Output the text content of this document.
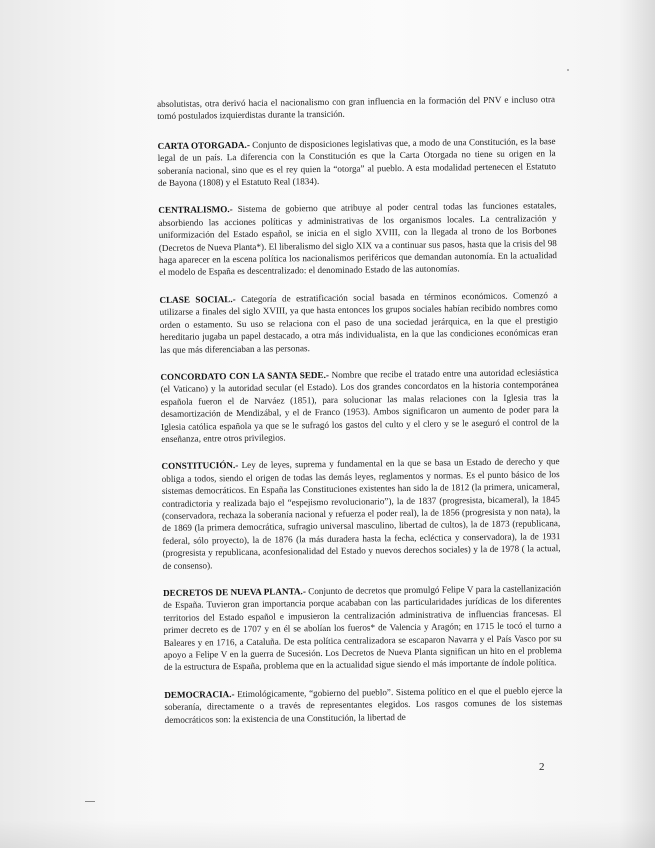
absolutistas, otra derivó hacia el nacionalismo con gran influencia en la formación del PNV e incluso otra tomó postulados izquierdistas durante la transición.

CARTA OTORGADA.- Conjunto de disposiciones legislativas que, a modo de una Constitución, es la base legal de un país. La diferencia con la Constitución es que la Carta Otorgada no tiene su origen en la soberanía nacional, sino que es el rey quien la “otorga” al pueblo. A esta modalidad pertenecen el Estatuto de Bayona (1808) y el Estatuto Real (1834).

CENTRALISMO.- Sistema de gobierno que atribuye al poder central todas las funciones estatales, absorbiendo las acciones políticas y administrativas de los organismos locales. La centralización y uniformización del Estado español, se inicia en el siglo XVIII, con la llegada al trono de los Borbones (Decretos de Nueva Planta*). El liberalismo del siglo XIX va a continuar sus pasos, hasta que la crisis del 98 haga aparecer en la escena política los nacionalismos periféricos que demandan autonomía. En la actualidad el modelo de España es descentralizado: el denominado Estado de las autonomías.

CLASE SOCIAL.- Categoría de estratificación social basada en términos económicos. Comenzó a utilizarse a finales del siglo XVIII, ya que hasta entonces los grupos sociales habían recibido nombres como orden o estamento. Su uso se relaciona con el paso de una sociedad jerárquica, en la que el prestigio hereditario jugaba un papel destacado, a otra más individualista, en la que las condiciones económicas eran las que más diferenciaban a las personas.

CONCORDATO CON LA SANTA SEDE.- Nombre que recibe el tratado entre una autoridad eclesiástica (el Vaticano) y la autoridad secular (el Estado). Los dos grandes concordatos en la historia contemporánea española fueron el de Narváez (1851), para solucionar las malas relaciones con la Iglesia tras la desamortización de Mendizábal, y el de Franco (1953). Ambos significaron un aumento de poder para la Iglesia católica española ya que se le sufragó los gastos del culto y el clero y se le aseguró el control de la enseñanza, entre otros privilegios.

CONSTITUCIÓN.- Ley de leyes, suprema y fundamental en la que se basa un Estado de derecho y que obliga a todos, siendo el origen de todas las demás leyes, reglamentos y normas. Es el punto básico de los sistemas democráticos. En España las Constituciones existentes han sido la de 1812 (la primera, unicameral, contradictoria y realizada bajo el “espejismo revolucionario”), la de 1837 (progresista, bicameral), la 1845 (conservadora, rechaza la soberanía nacional y refuerza el poder real), la de 1856 (progresista y non nata), la de 1869 (la primera democrática, sufragio universal masculino, libertad de cultos), la de 1873 (republicana, federal, sólo proyecto), la de 1876 (la más duradera hasta la fecha, ecléctica y conservadora), la de 1931 (progresista y republicana, aconfesionalidad del Estado y nuevos derechos sociales) y la de 1978 ( la actual, de consenso).

DECRETOS DE NUEVA PLANTA.- Conjunto de decretos que promulgó Felipe V para la castellanización de España. Tuvieron gran importancia porque acababan con las particularidades jurídicas de los diferentes territorios del Estado español e impusieron la centralización administrativa de influencias francesas. El primer decreto es de 1707 y en él se abolían los fueros* de Valencia y Aragón; en 1715 le tocó el turno a Baleares y en 1716, a Cataluña. De esta política centralizadora se escaparon Navarra y el País Vasco por su apoyo a Felipe V en la guerra de Sucesión. Los Decretos de Nueva Planta significan un hito en el problema de la estructura de España, problema que en la actualidad sigue siendo el más importante de índole política.

DEMOCRACIA.- Etimológicamente, “gobierno del pueblo”. Sistema político en el que el pueblo ejerce la soberanía, directamente o a través de representantes elegidos. Los rasgos comunes de los sistemas democráticos son: la existencia de una Constitución, la libertad de

2
